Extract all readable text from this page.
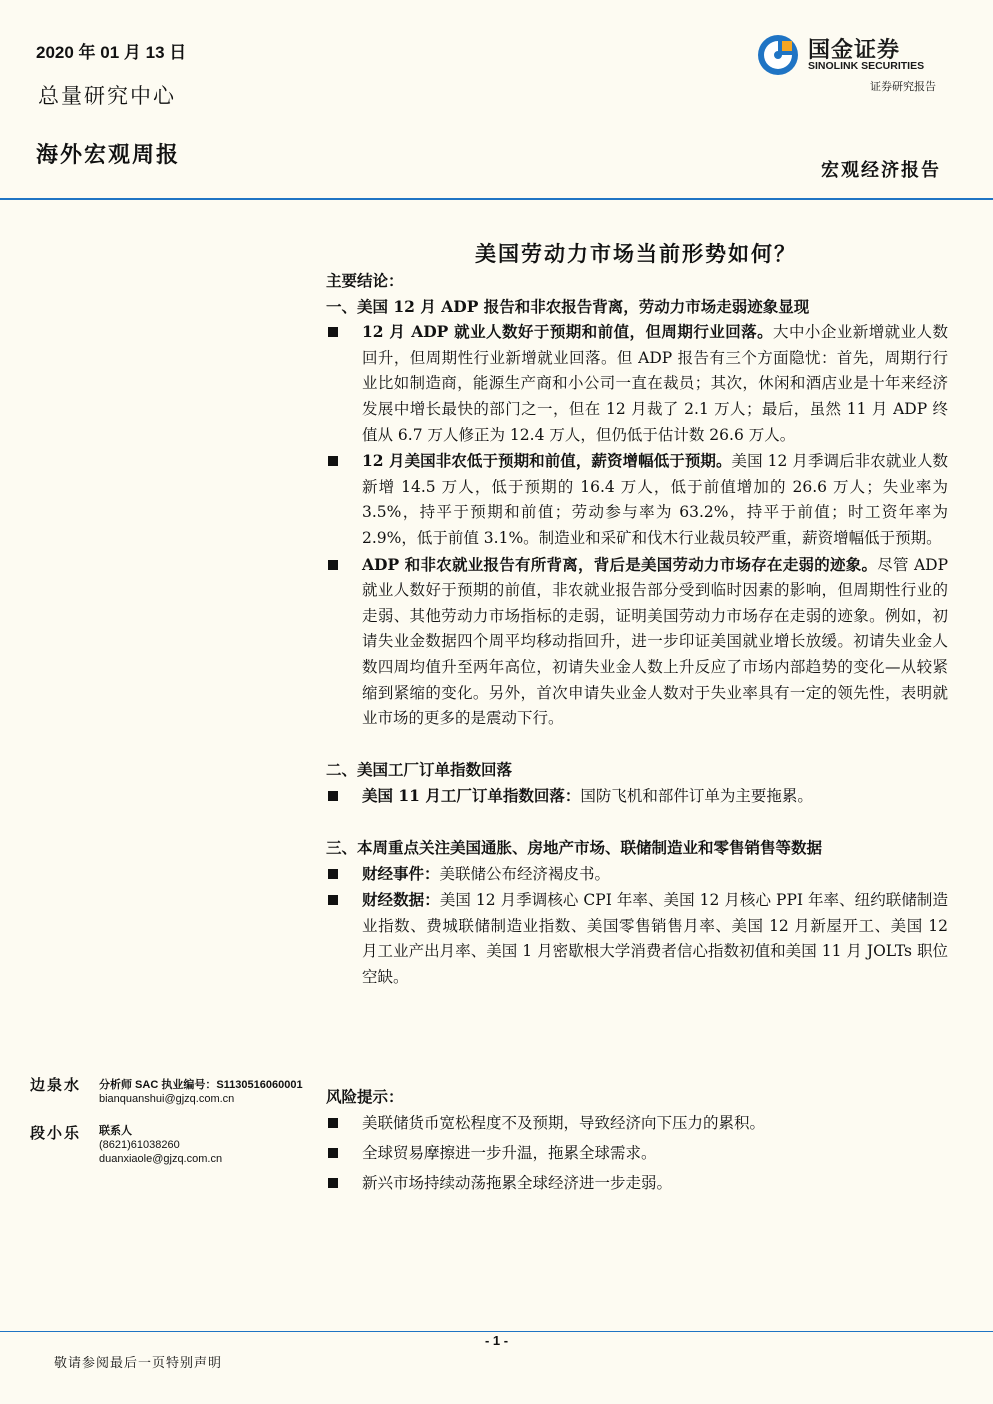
2020 年 01 月 13 日
总量研究中心
海外宏观周报
国金证券
SINOLINK SECURITIES
证券研究报告
宏观经济报告
美国劳动力市场当前形势如何？
主要结论：
一、美国 12 月 ADP 报告和非农报告背离，劳动力市场走弱迹象显现
12 月 ADP 就业人数好于预期和前值，但周期行业回落。大中小企业新增就业人数回升，但周期性行业新增就业回落。但 ADP 报告有三个方面隐忧：首先，周期行行业比如制造商，能源生产商和小公司一直在裁员；其次，休闲和酒店业是十年来经济发展中增长最快的部门之一，但在 12 月裁了 2.1 万人；最后，虽然 11 月 ADP 终值从 6.7 万人修正为 12.4 万人，但仍低于估计数 26.6 万人。
12 月美国非农低于预期和前值，薪资增幅低于预期。美国 12 月季调后非农就业人数新增 14.5 万人，低于预期的 16.4 万人，低于前值增加的 26.6 万人；失业率为 3.5%，持平于预期和前值；劳动参与率为 63.2%，持平于前值；时工资年率为 2.9%，低于前值 3.1%。制造业和采矿和伐木行业裁员较严重，薪资增幅低于预期。
ADP 和非农就业报告有所背离，背后是美国劳动力市场存在走弱的迹象。尽管 ADP 就业人数好于预期的前值，非农就业报告部分受到临时因素的影响，但周期性行业的走弱、其他劳动力市场指标的走弱，证明美国劳动力市场存在走弱的迹象。例如，初请失业金数据四个周平均移动指回升，进一步印证美国就业增长放缓。初请失业金人数四周均值升至两年高位，初请失业金人数上升反应了市场内部趋势的变化—从较紧缩到紧缩的变化。另外，首次申请失业金人数对于失业率具有一定的领先性，表明就业市场的更多的是震动下行。
二、美国工厂订单指数回落
美国 11 月工厂订单指数回落：国防飞机和部件订单为主要拖累。
三、本周重点关注美国通胀、房地产市场、联储制造业和零售销售等数据
财经事件：美联储公布经济褐皮书。
财经数据：美国 12 月季调核心 CPI 年率、美国 12 月核心 PPI 年率、纽约联储制造业指数、费城联储制造业指数、美国零售销售月率、美国 12 月新屋开工、美国 12 月工业产出月率、美国 1 月密歇根大学消费者信心指数初值和美国 11 月 JOLTs 职位空缺。
边泉水 分析师 SAC 执业编号：S1130516060001
bianquanshui@gjzq.com.cn
段小乐 联系人
(8621)61038260
duanxiaole@gjzq.com.cn
风险提示：
美联储货币宽松程度不及预期，导致经济向下压力的累积。
全球贸易摩擦进一步升温，拖累全球需求。
新兴市场持续动荡拖累全球经济进一步走弱。
- 1 -
敬请参阅最后一页特别声明
